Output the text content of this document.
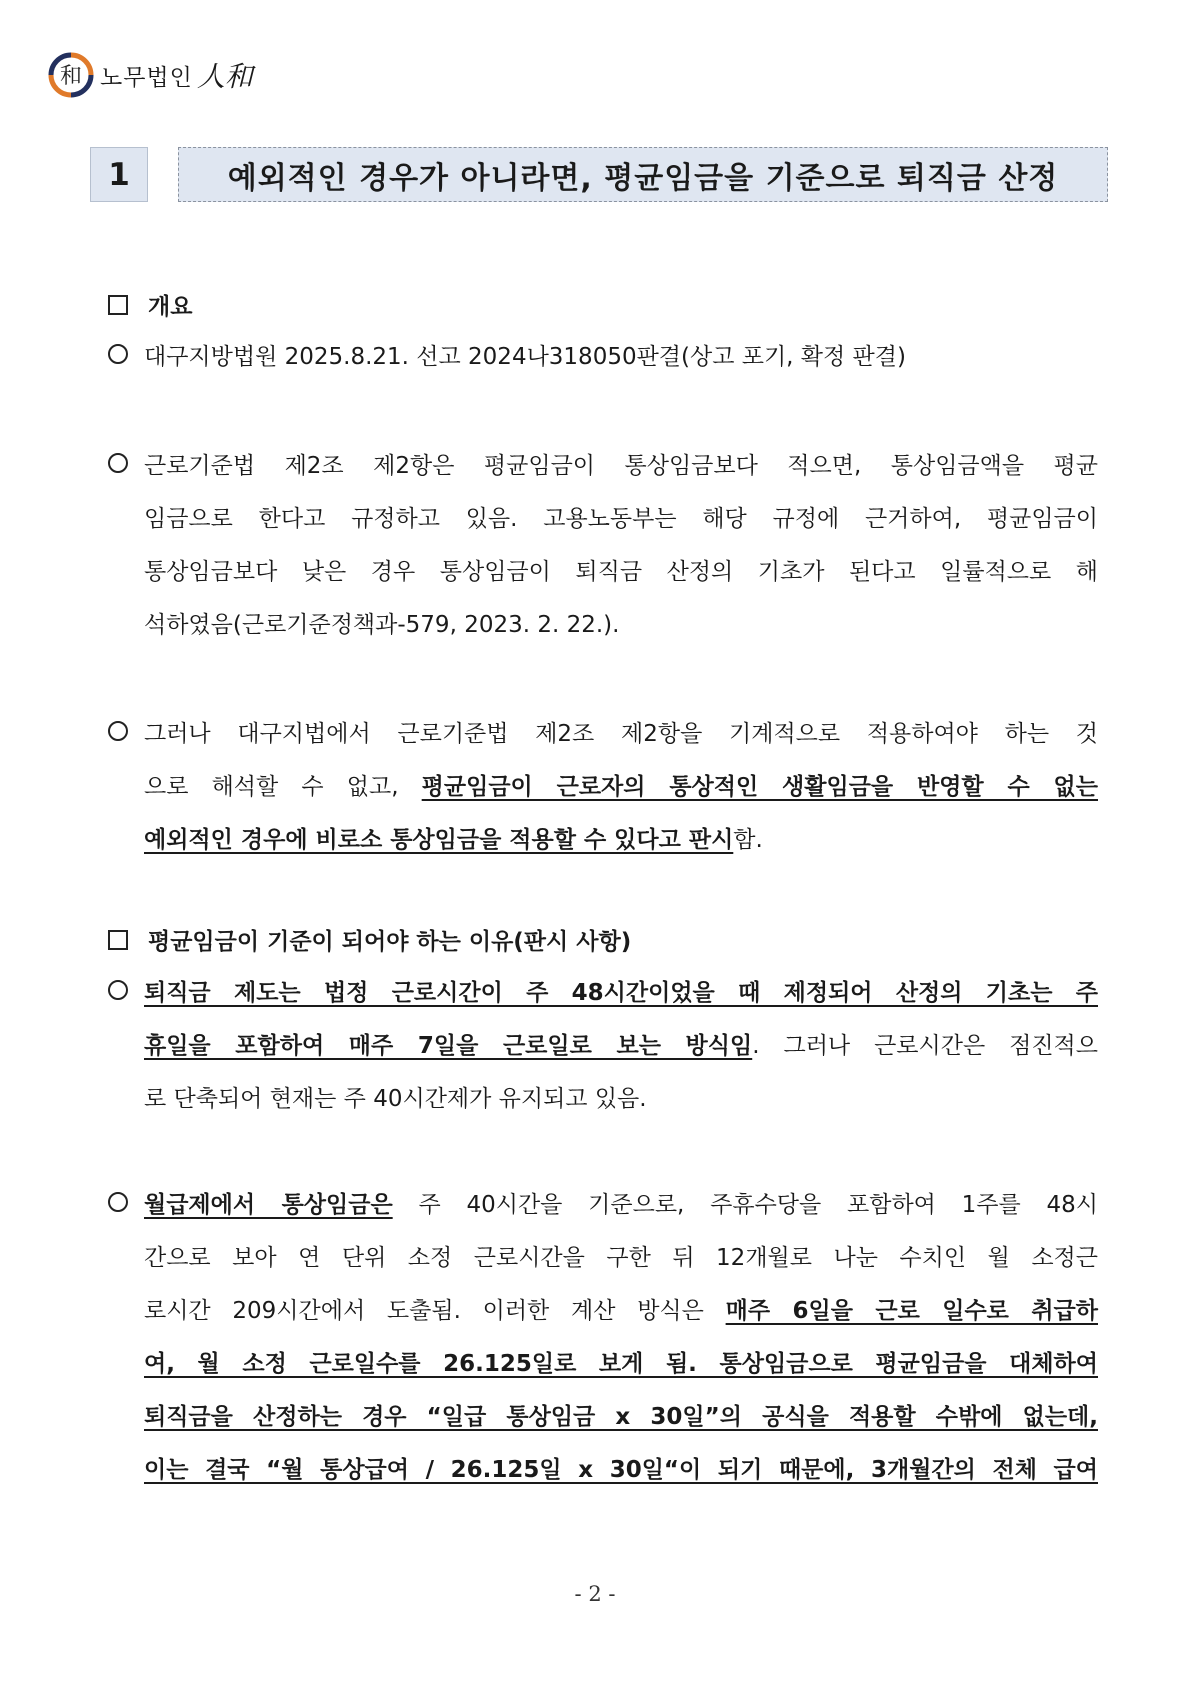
和 노무법인 人和
1	예외적인 경우가 아니라면, 평균임금을 기준으로 퇴직금 산정
개요
대구지방법원 2025.8.21. 선고 2024나318050판결(상고 포기, 확정 판결)
근로기준법 제2조 제2항은 평균임금이 통상임금보다 적으면, 통상임금액을 평균
임금으로 한다고 규정하고 있음. 고용노동부는 해당 규정에 근거하여, 평균임금이
통상임금보다 낮은 경우 통상임금이 퇴직금 산정의 기초가 된다고 일률적으로 해
석하였음(근로기준정책과-579, 2023. 2. 22.).
그러나 대구지법에서 근로기준법 제2조 제2항을 기계적으로 적용하여야 하는 것
으로 해석할 수 없고, 평균임금이 근로자의 통상적인 생활임금을 반영할 수 없는
예외적인 경우에 비로소 통상임금을 적용할 수 있다고 판시함.
평균임금이 기준이 되어야 하는 이유(판시 사항)
퇴직금 제도는 법정 근로시간이 주 48시간이었을 때 제정되어 산정의 기초는 주
휴일을 포함하여 매주 7일을 근로일로 보는 방식임. 그러나 근로시간은 점진적으
로 단축되어 현재는 주 40시간제가 유지되고 있음.
월급제에서 통상임금은 주 40시간을 기준으로, 주휴수당을 포함하여 1주를 48시
간으로 보아 연 단위 소정 근로시간을 구한 뒤 12개월로 나눈 수치인 월 소정근
로시간 209시간에서 도출됨. 이러한 계산 방식은 매주 6일을 근로 일수로 취급하
여, 월 소정 근로일수를 26.125일로 보게 됨. 통상임금으로 평균임금을 대체하여
퇴직금을 산정하는 경우 “일급 통상임금 x 30일”의 공식을 적용할 수밖에 없는데,
이는 결국 “월 통상급여 / 26.125일 x 30일“이 되기 때문에, 3개월간의 전체 급여
- 2 -
